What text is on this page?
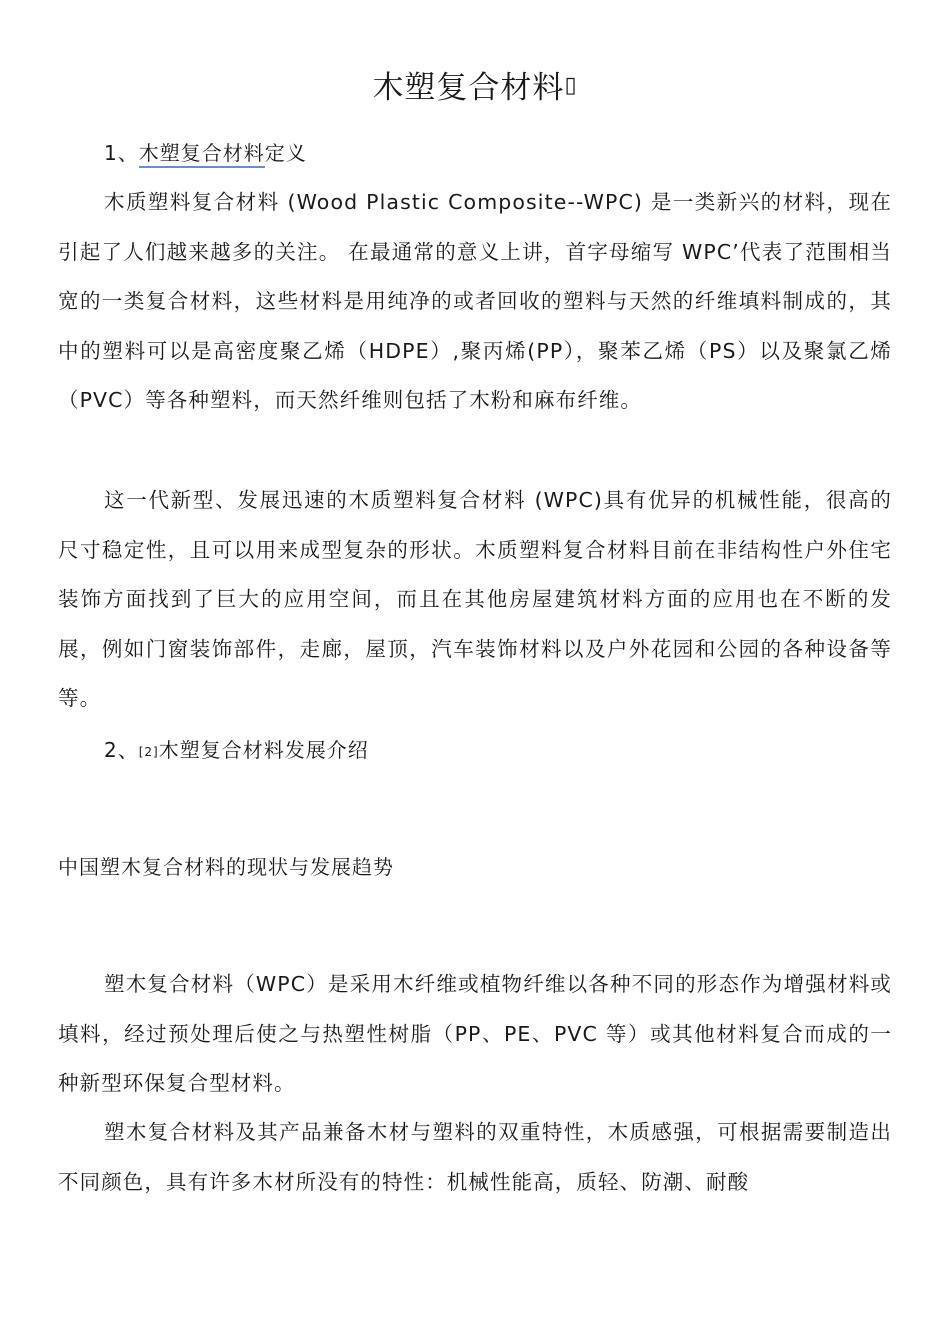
木塑复合材料▯
1、木塑复合材料定义

木质塑料复合材料 (Wood Plastic Composite--WPC) 是一类新兴的材料，现在引起了人们越来越多的关注。 在最通常的意义上讲，首字母缩写 WPC’代表了范围相当宽的一类复合材料，这些材料是用纯净的或者回收的塑料与天然的纤维填料制成的，其中的塑料可以是高密度聚乙烯（HDPE）,聚丙烯(PP），聚苯乙烯（PS）以及聚氯乙烯（PVC）等各种塑料，而天然纤维则包括了木粉和麻布纤维。

这一代新型、发展迅速的木质塑料复合材料 (WPC)具有优异的机械性能，很高的尺寸稳定性，且可以用来成型复杂的形状。木质塑料复合材料目前在非结构性户外住宅装饰方面找到了巨大的应用空间，而且在其他房屋建筑材料方面的应用也在不断的发展，例如门窗装饰部件，走廊，屋顶，汽车装饰材料以及户外花园和公园的各种设备等等。

2、[2]木塑复合材料发展介绍
中国塑木复合材料的现状与发展趋势

塑木复合材料（WPC）是采用木纤维或植物纤维以各种不同的形态作为增强材料或填料，经过预处理后使之与热塑性树脂（PP、PE、PVC 等）或其他材料复合而成的一种新型环保复合型材料。

塑木复合材料及其产品兼备木材与塑料的双重特性，木质感强，可根据需要制造出不同颜色，具有许多木材所没有的特性：机械性能高，质轻、防潮、耐酸
